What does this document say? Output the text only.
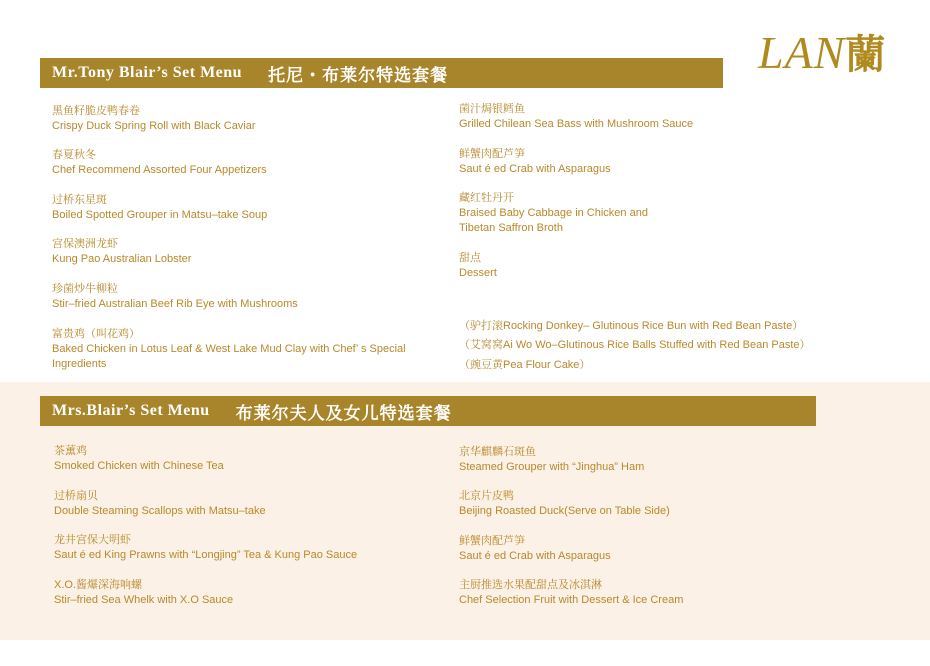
LAN蘭
Mr.Tony Blair’s Set Menu 托尼・布莱尔特选套餐
黑鱼籽脆皮鸭春卷
Crispy Duck Spring Roll with Black Caviar
春夏秋冬
Chef Recommend Assorted Four Appetizers
过桥东星斑
Boiled Spotted Grouper in Matsu–take Soup
宫保澳洲龙虾
Kung Pao Australian Lobster
珍菌炒牛柳粒
Stir–fried Australian Beef Rib Eye with Mushrooms
富贵鸡（叫花鸡）
Baked Chicken in Lotus Leaf & West Lake Mud Clay with Chef’ s Special
Ingredients
菌汁焗银鳕鱼
Grilled Chilean Sea Bass with Mushroom Sauce
鲜蟹肉配芦笋
Saut é ed Crab with Asparagus
藏红牡丹开
Braised Baby Cabbage in Chicken and
Tibetan Saffron Broth
甜点
Dessert
（驴打滚Rocking Donkey– Glutinous Rice Bun with Red Bean Paste）
（艾窝窝Ai Wo Wo–Glutinous Rice Balls Stuffed with Red Bean Paste）
（豌豆黄Pea Flour Cake）
Mrs.Blair’s Set Menu 布莱尔夫人及女儿特选套餐
茶薰鸡
Smoked Chicken with Chinese Tea
过桥扇贝
Double Steaming Scallops with Matsu–take
龙井宫保大明虾
Saut é ed King Prawns with “Longjing” Tea & Kung Pao Sauce
X.O.酱爆深海响螺
Stir–fried Sea Whelk with X.O Sauce
京华麒麟石斑鱼
Steamed Grouper with “Jinghua” Ham
北京片皮鸭
Beijing Roasted Duck(Serve on Table Side)
鲜蟹肉配芦笋
Saut é ed Crab with Asparagus
主厨推选水果配甜点及冰淇淋
Chef Selection Fruit with Dessert & Ice Cream
